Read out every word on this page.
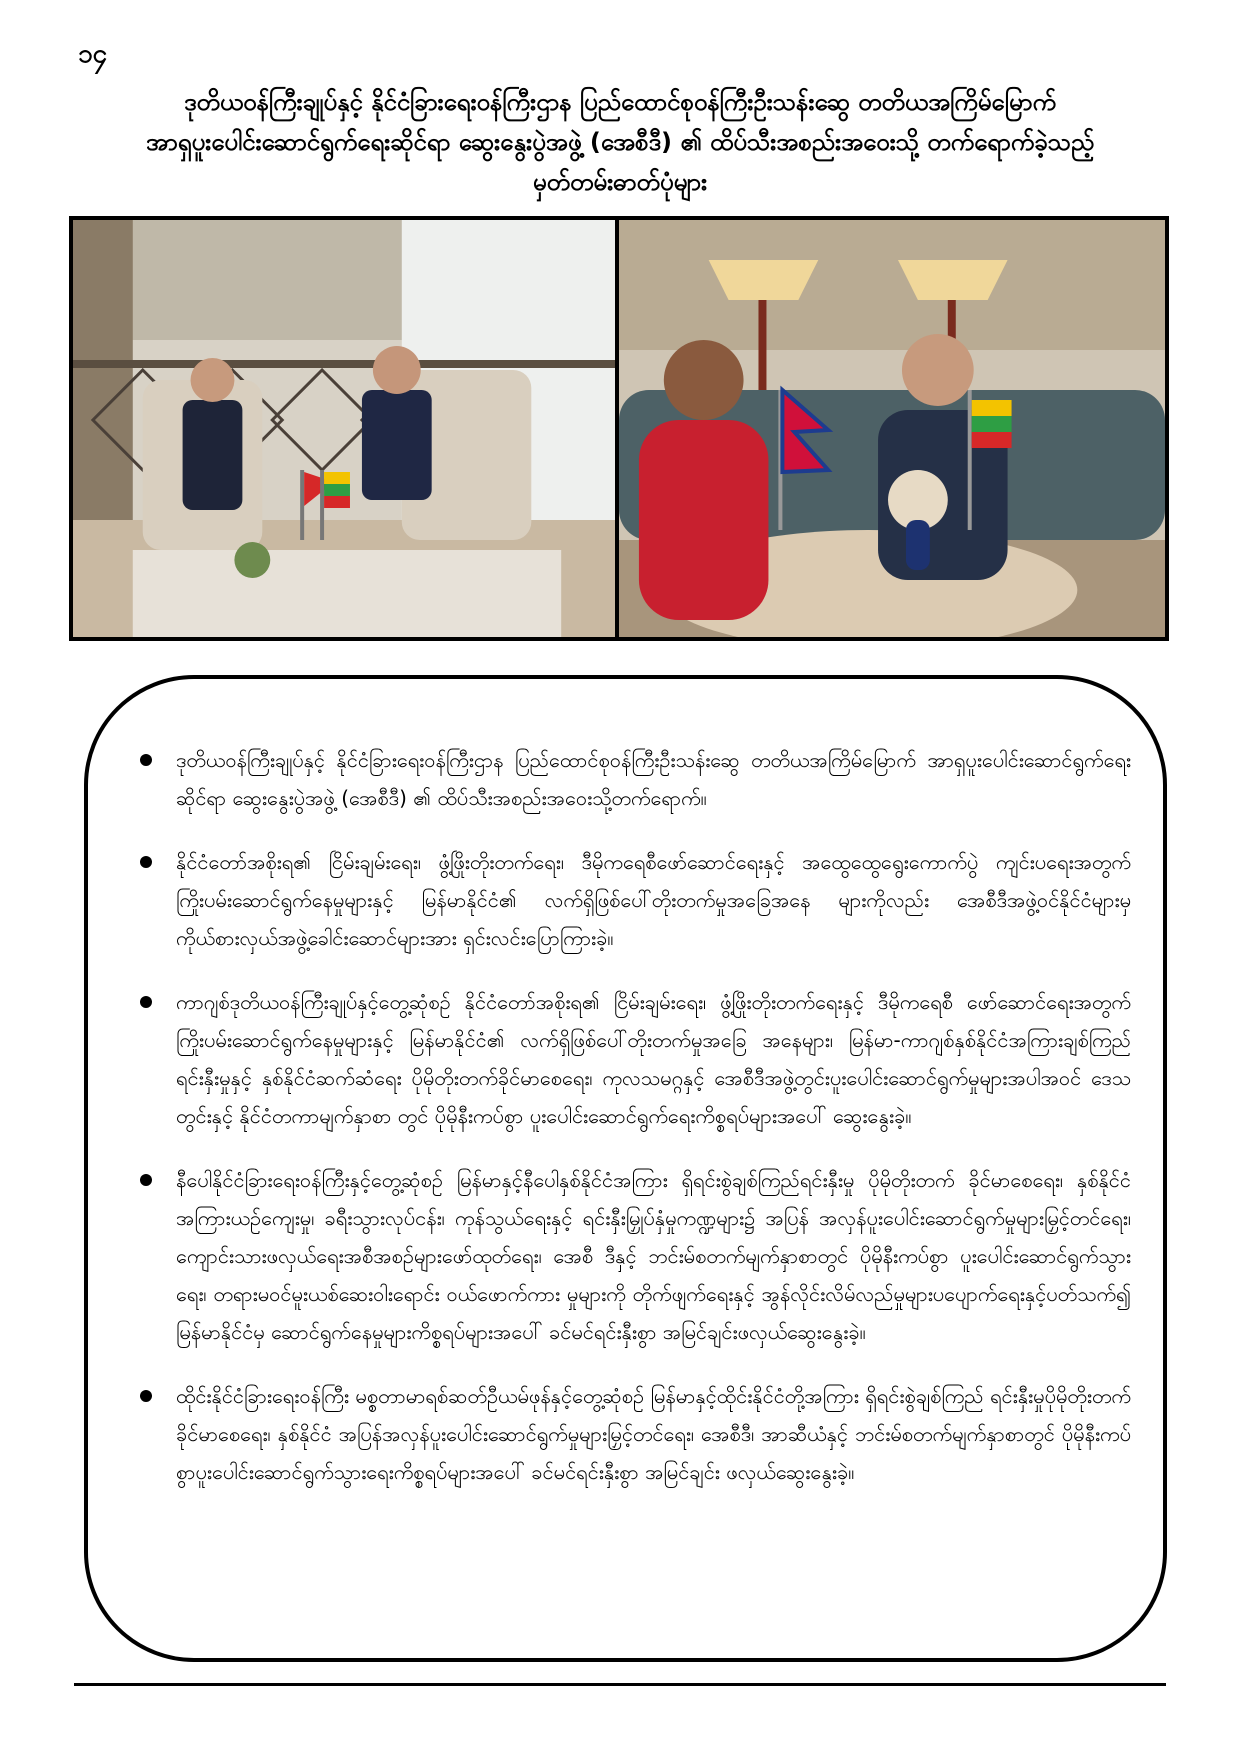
၁၄
ဒုတိယဝန်ကြီးချုပ်နှင့် နိုင်ငံခြားရေးဝန်ကြီးဌာန ပြည်ထောင်စုဝန်ကြီးဦးသန်းဆွေ တတိယအကြိမ်မြောက်
အာရှပူးပေါင်းဆောင်ရွက်ရေးဆိုင်ရာ ဆွေးနွေးပွဲအဖွဲ့ (အေစီဒီ) ၏ ထိပ်သီးအစည်းအဝေးသို့ တက်ရောက်ခဲ့သည့်
မှတ်တမ်းဓာတ်ပုံများ
ဒုတိယဝန်ကြီးချုပ်နှင့် နိုင်ငံခြားရေးဝန်ကြီးဌာန ပြည်ထောင်စုဝန်ကြီးဦးသန်းဆွေ တတိယအကြိမ်မြောက် အာရှပူးပေါင်းဆောင်ရွက်ရေးဆိုင်ရာ ဆွေးနွေးပွဲအဖွဲ့ (အေစီဒီ) ၏ ထိပ်သီးအစည်းအဝေးသို့တက်ရောက်။
နိုင်ငံတော်အစိုးရ၏ ငြိမ်းချမ်းရေး၊ ဖွံ့ဖြိုးတိုးတက်ရေး၊ ဒီမိုကရေစီဖော်ဆောင်ရေးနှင့် အထွေထွေရွေးကောက်ပွဲ ကျင်းပရေးအတွက် ကြိုးပမ်းဆောင်ရွက်နေမှုများနှင့် မြန်မာနိုင်ငံ၏ လက်ရှိဖြစ်ပေါ်တိုးတက်မှုအခြေအနေ များကိုလည်း အေစီဒီအဖွဲ့ဝင်နိုင်ငံများမှ ကိုယ်စားလှယ်အဖွဲ့ခေါင်းဆောင်များအား ရှင်းလင်းပြောကြားခဲ့။
ကာဂျစ်ဒုတိယဝန်ကြီးချုပ်နှင့်တွေ့ဆုံစဉ် နိုင်ငံတော်အစိုးရ၏ ငြိမ်းချမ်းရေး၊ ဖွံ့ဖြိုးတိုးတက်ရေးနှင့် ဒီမိုကရေစီ ဖော်ဆောင်ရေးအတွက် ကြိုးပမ်းဆောင်ရွက်နေမှုများနှင့် မြန်မာနိုင်ငံ၏ လက်ရှိဖြစ်ပေါ်တိုးတက်မှုအခြေ အနေများ၊ မြန်မာ-ကာဂျစ်နှစ်နိုင်ငံအကြားချစ်ကြည်ရင်းနှီးမှုနှင့် နှစ်နိုင်ငံဆက်ဆံရေး ပိုမိုတိုးတက်ခိုင်မာစေရေး၊ ကုလသမဂ္ဂနှင့် အေစီဒီအဖွဲ့တွင်းပူးပေါင်းဆောင်ရွက်မှုများအပါအဝင် ဒေသတွင်းနှင့် နိုင်ငံတကာမျက်နှာစာ တွင် ပိုမိုနီးကပ်စွာ ပူးပေါင်းဆောင်ရွက်ရေးကိစ္စရပ်များအပေါ် ဆွေးနွေးခဲ့။
နီပေါနိုင်ငံခြားရေးဝန်ကြီးနှင့်တွေ့ဆုံစဉ် မြန်မာနှင့်နီပေါနှစ်နိုင်ငံအကြား ရှိရင်းစွဲချစ်ကြည်ရင်းနှီးမှု ပိုမိုတိုးတက် ခိုင်မာစေရေး၊ နှစ်နိုင်ငံအကြားယဉ်ကျေးမှု၊ ခရီးသွားလုပ်ငန်း၊ ကုန်သွယ်ရေးနှင့် ရင်းနှီးမြှုပ်နှံမှုကဏ္ဍများ၌ အပြန် အလှန်ပူးပေါင်းဆောင်ရွက်မှုများမြှင့်တင်ရေး၊ ကျောင်းသားဖလှယ်ရေးအစီအစဉ်များဖော်ထုတ်ရေး၊ အေစီ ဒီနှင့် ဘင်းမ်စတက်မျက်နှာစာတွင် ပိုမိုနီးကပ်စွာ ပူးပေါင်းဆောင်ရွက်သွားရေး၊ တရားမဝင်မူးယစ်ဆေးဝါးရောင်း ဝယ်ဖောက်ကား မှုများကို တိုက်ဖျက်ရေးနှင့် အွန်လိုင်းလိမ်လည်မှုများပပျောက်ရေးနှင့်ပတ်သက်၍ မြန်မာနိုင်ငံမှ ဆောင်ရွက်နေမှုများကိစ္စရပ်များအပေါ် ခင်မင်ရင်းနှီးစွာ အမြင်ချင်းဖလှယ်ဆွေးနွေးခဲ့။
ထိုင်းနိုင်ငံခြားရေးဝန်ကြီး မစ္စတာမာရစ်ဆတ်ဦယမ်ဖုန်နှင့်တွေ့ဆုံစဉ် မြန်မာနှင့်ထိုင်းနိုင်ငံတို့အကြား ရှိရင်းစွဲချစ်ကြည် ရင်းနှီးမှုပိုမိုတိုးတက်ခိုင်မာစေရေး၊ နှစ်နိုင်ငံ အပြန်အလှန်ပူးပေါင်းဆောင်ရွက်မှုများမြှင့်တင်ရေး၊ အေစီဒီ၊ အာဆီယံနှင့် ဘင်းမ်စတက်မျက်နှာစာတွင် ပိုမိုနီးကပ်စွာပူးပေါင်းဆောင်ရွက်သွားရေးကိစ္စရပ်များအပေါ် ခင်မင်ရင်းနှီးစွာ အမြင်ချင်း ဖလှယ်ဆွေးနွေးခဲ့။
